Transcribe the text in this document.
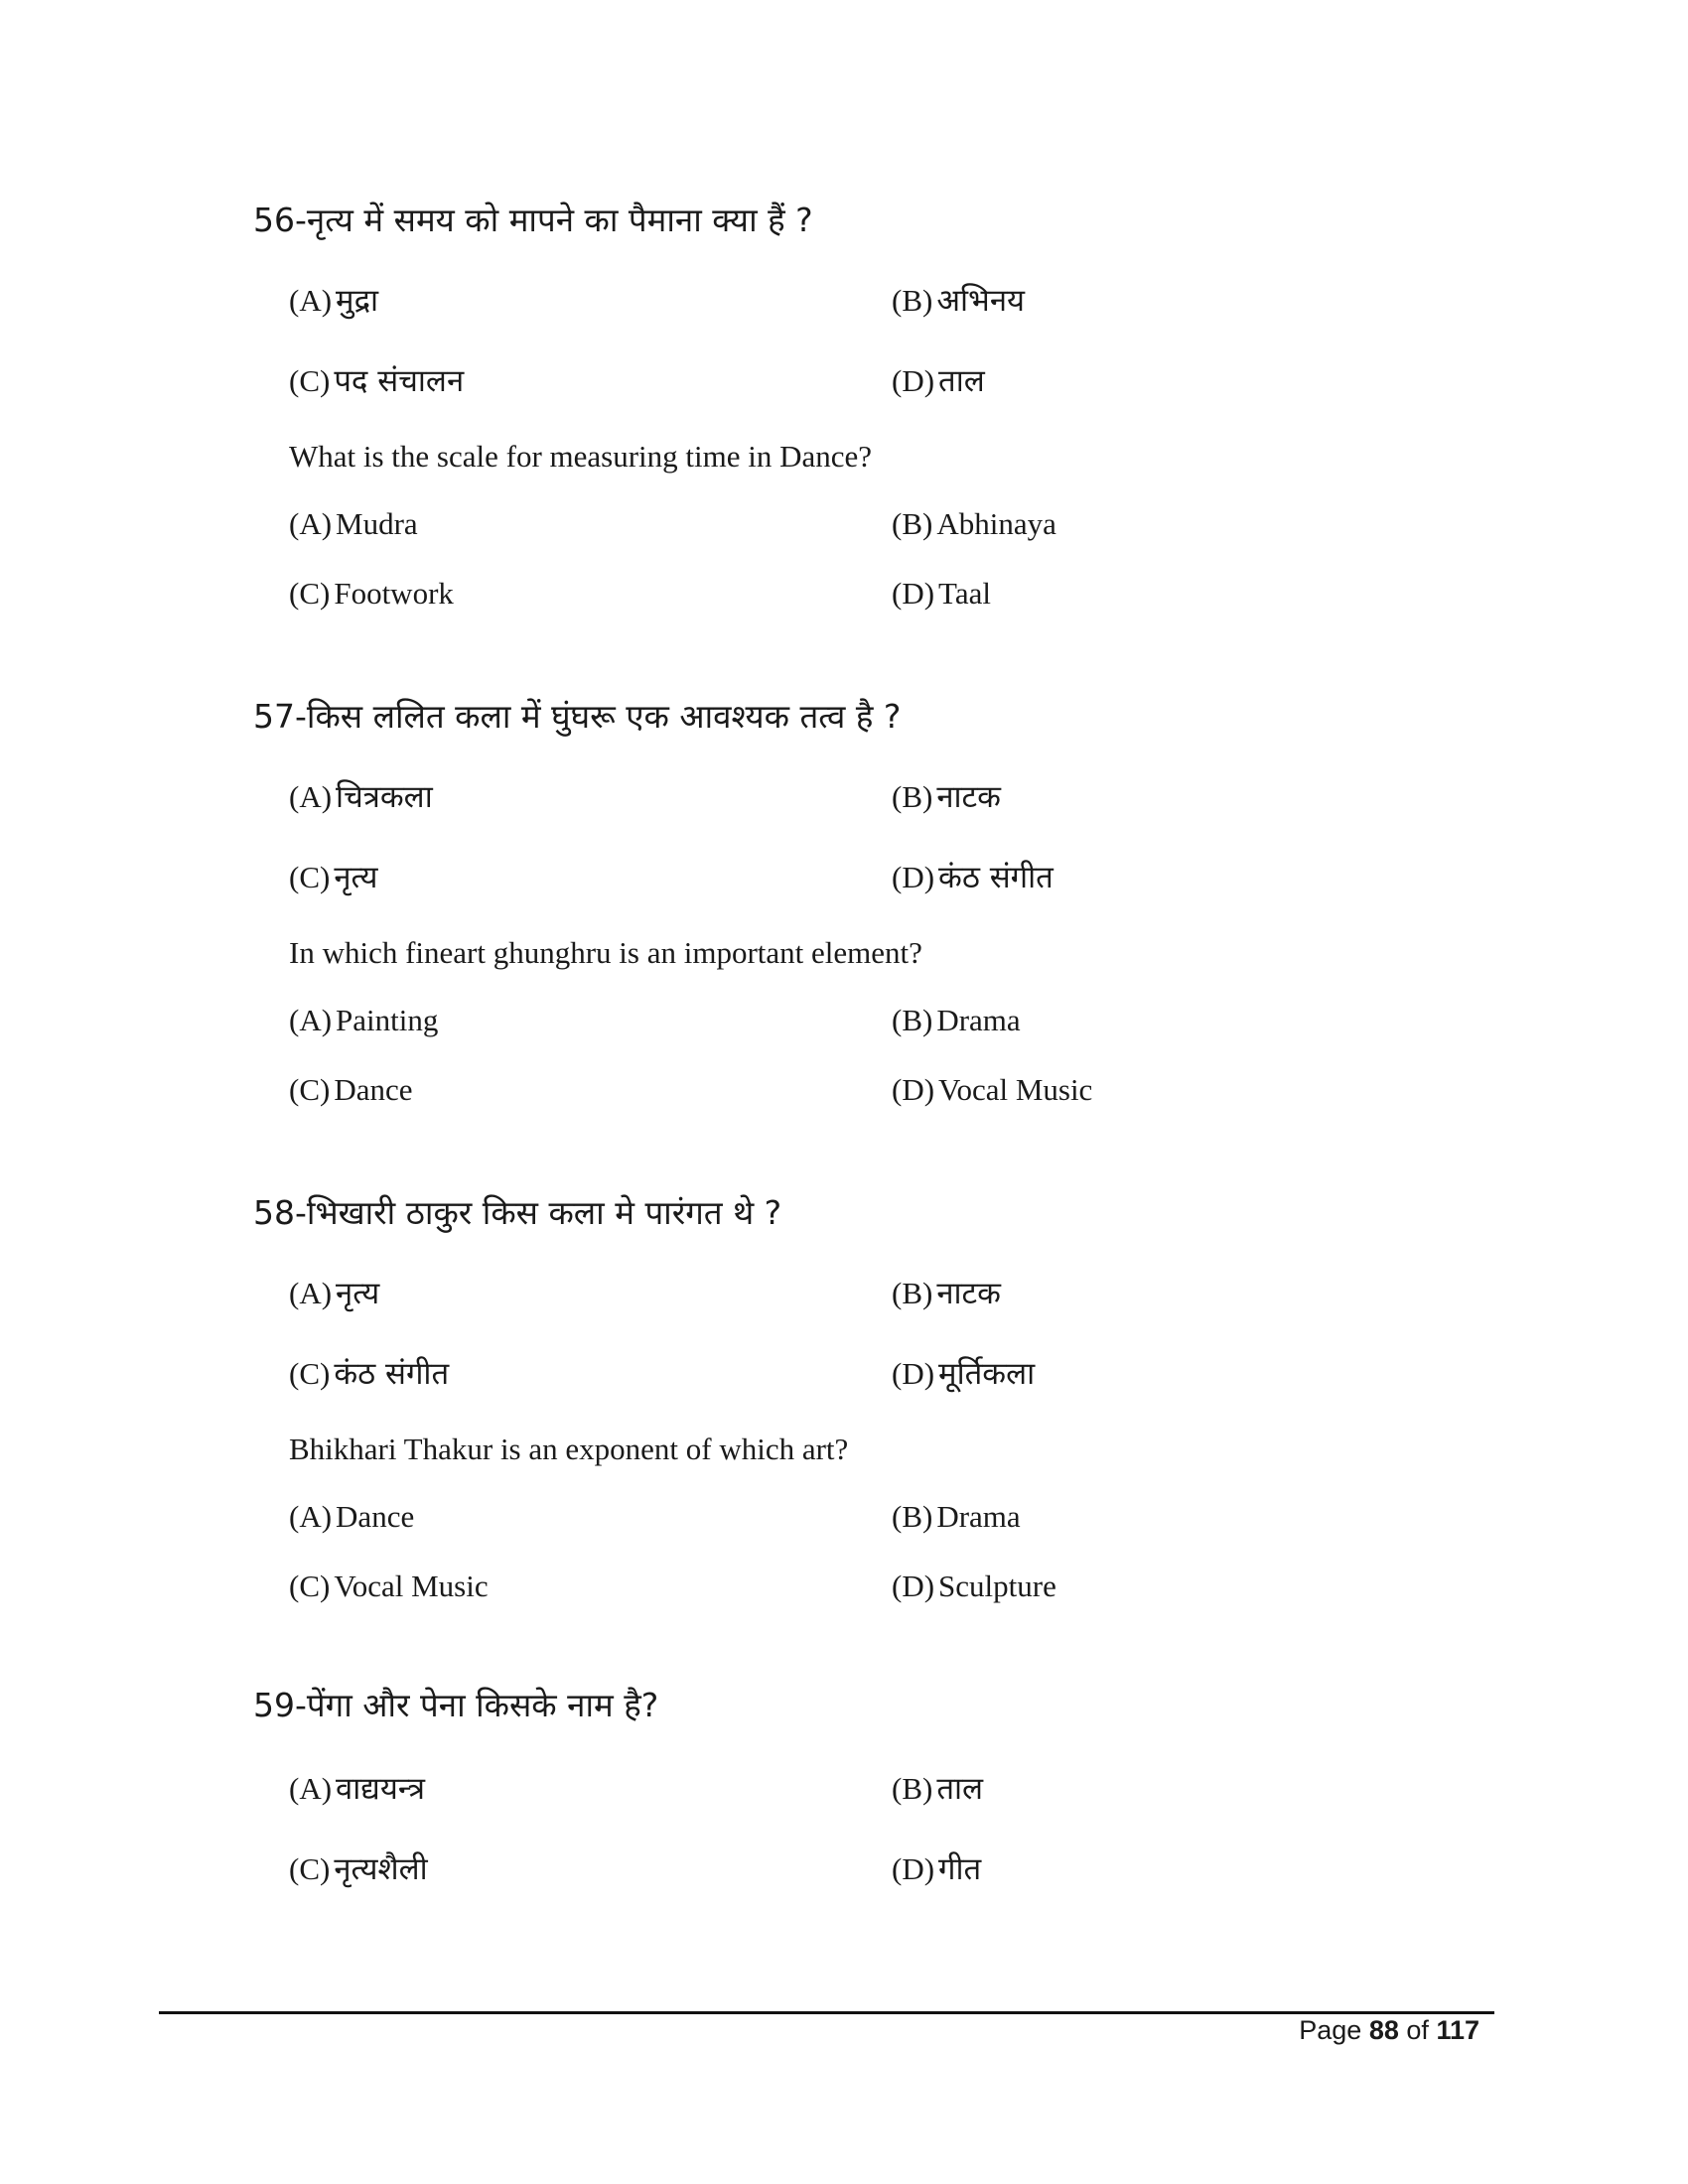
56-नृत्य में समय को मापने का पैमाना क्या हैं ?
(A) मुद्रा	(B) अभिनय
(C) पद संचालन	(D) ताल
What is the scale for measuring time in Dance?
(A) Mudra	(B) Abhinaya
(C) Footwork	(D) Taal
57-किस ललित कला में घुंघरू एक आवश्यक तत्व है ?
(A) चित्रकला	(B) नाटक
(C) नृत्य	(D) कंठ संगीत
In which fineart ghunghru is an important element?
(A) Painting	(B) Drama
(C) Dance	(D) Vocal Music
58-भिखारी ठाकुर किस कला मे पारंगत थे ?
(A) नृत्य	(B) नाटक
(C) कंठ संगीत	(D) मूर्तिकला
Bhikhari Thakur is an exponent of which art?
(A) Dance	(B) Drama
(C) Vocal Music	(D) Sculpture
59-पेंगा और पेना किसके नाम है?
(A) वाद्ययन्त्र	(B) ताल
(C) नृत्यशैली	(D) गीत
Page 88 of 117
